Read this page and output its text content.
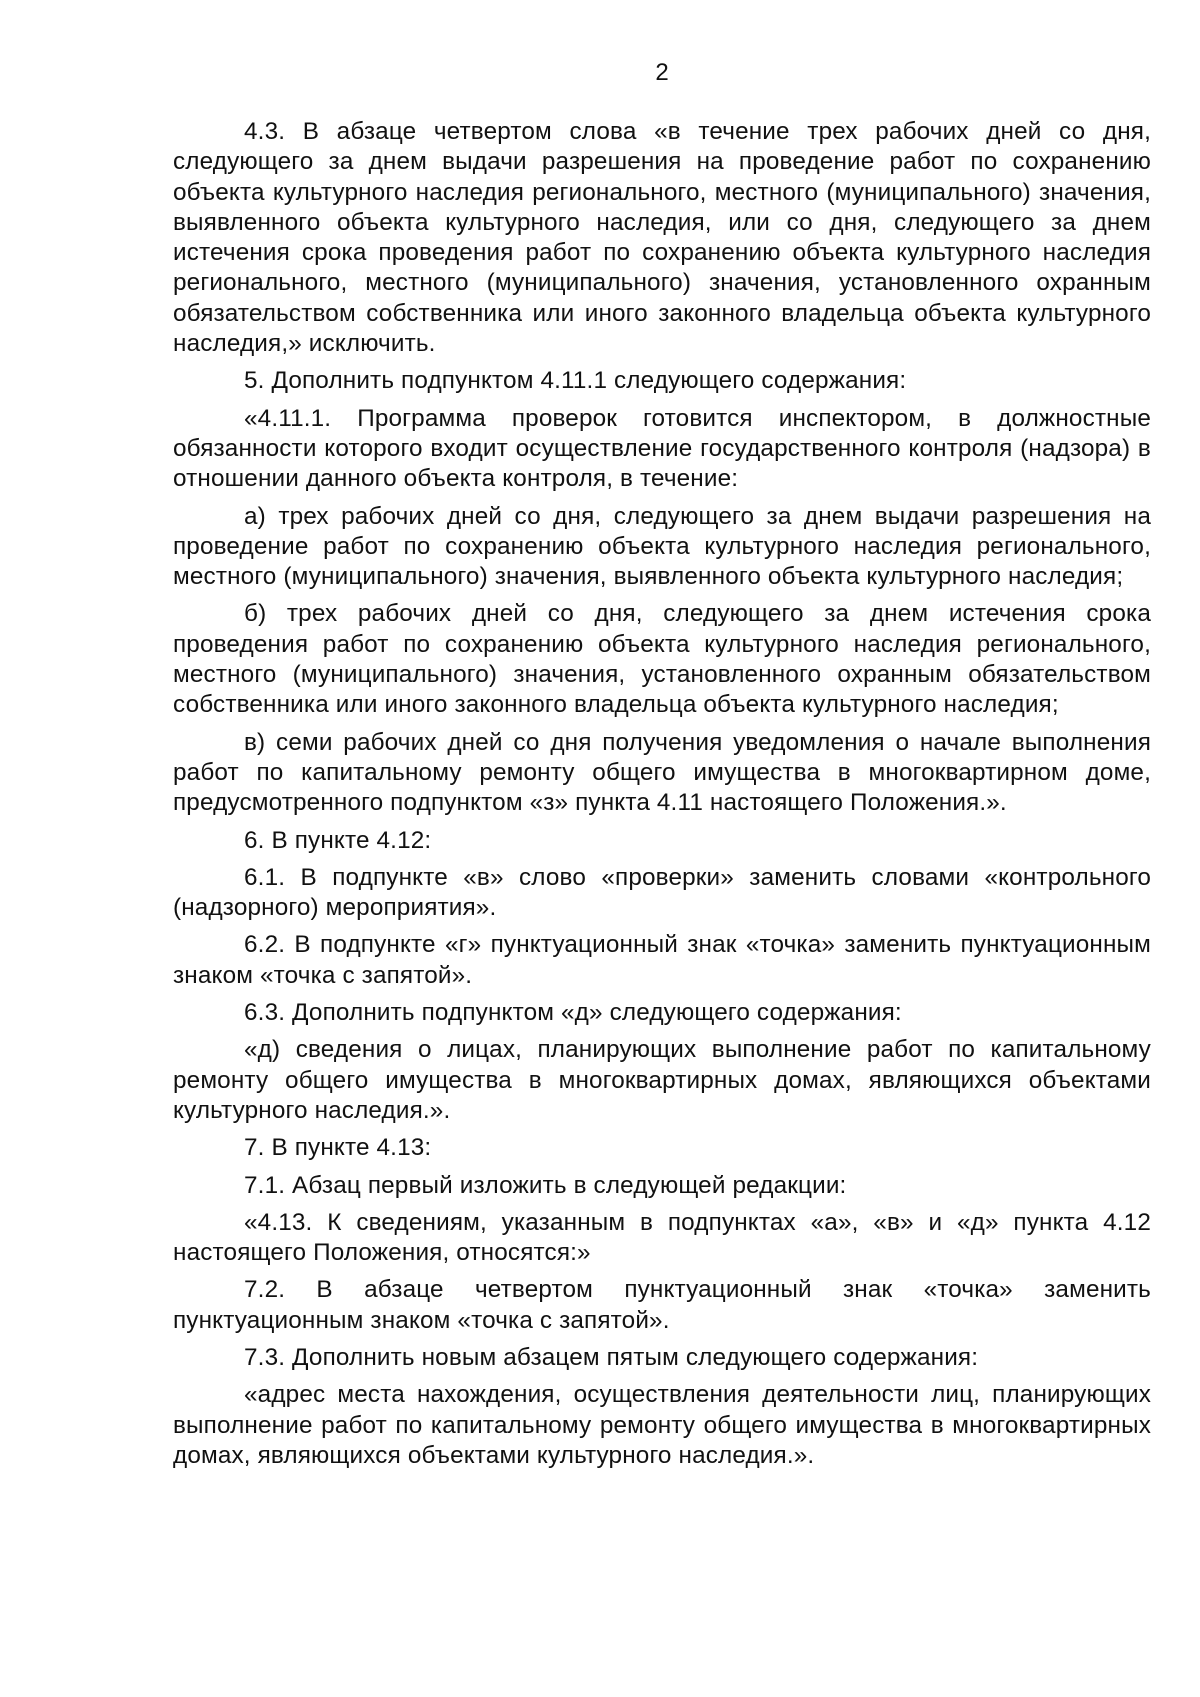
2

4.3. В абзаце четвертом слова «в течение трех рабочих дней со дня, следующего за днем выдачи разрешения на проведение работ по сохранению объекта культурного наследия регионального, местного (муниципального) значения, выявленного объекта культурного наследия, или со дня, следующего за днем истечения срока проведения работ по сохранению объекта культурного наследия регионального, местного (муниципального) значения, установленного охранным обязательством собственника или иного законного владельца объекта культурного наследия,» исключить.

5. Дополнить подпунктом 4.11.1 следующего содержания:

«4.11.1. Программа проверок готовится инспектором, в должностные обязанности которого входит осуществление государственного контроля (надзора) в отношении данного объекта контроля, в течение:

а) трех рабочих дней со дня, следующего за днем выдачи разрешения на проведение работ по сохранению объекта культурного наследия регионального, местного (муниципального) значения, выявленного объекта культурного наследия;

б) трех рабочих дней со дня, следующего за днем истечения срока проведения работ по сохранению объекта культурного наследия регионального, местного (муниципального) значения, установленного охранным обязательством собственника или иного законного владельца объекта культурного наследия;

в) семи рабочих дней со дня получения уведомления о начале выполнения работ по капитальному ремонту общего имущества в многоквартирном доме, предусмотренного подпунктом «з» пункта 4.11 настоящего Положения.».

6. В пункте 4.12:

6.1. В подпункте «в» слово «проверки» заменить словами «контрольного (надзорного) мероприятия».

6.2. В подпункте «г» пунктуационный знак «точка» заменить пунктуационным знаком «точка с запятой».

6.3. Дополнить подпунктом «д» следующего содержания:

«д) сведения о лицах, планирующих выполнение работ по капитальному ремонту общего имущества в многоквартирных домах, являющихся объектами культурного наследия.».

7. В пункте 4.13:

7.1. Абзац первый изложить в следующей редакции:

«4.13. К сведениям, указанным в подпунктах «а», «в» и «д» пункта 4.12 настоящего Положения, относятся:»

7.2. В абзаце четвертом пунктуационный знак «точка» заменить пунктуационным знаком «точка с запятой».

7.3. Дополнить новым абзацем пятым следующего содержания:

«адрес места нахождения, осуществления деятельности лиц, планирующих выполнение работ по капитальному ремонту общего имущества в многоквартирных домах, являющихся объектами культурного наследия.».
